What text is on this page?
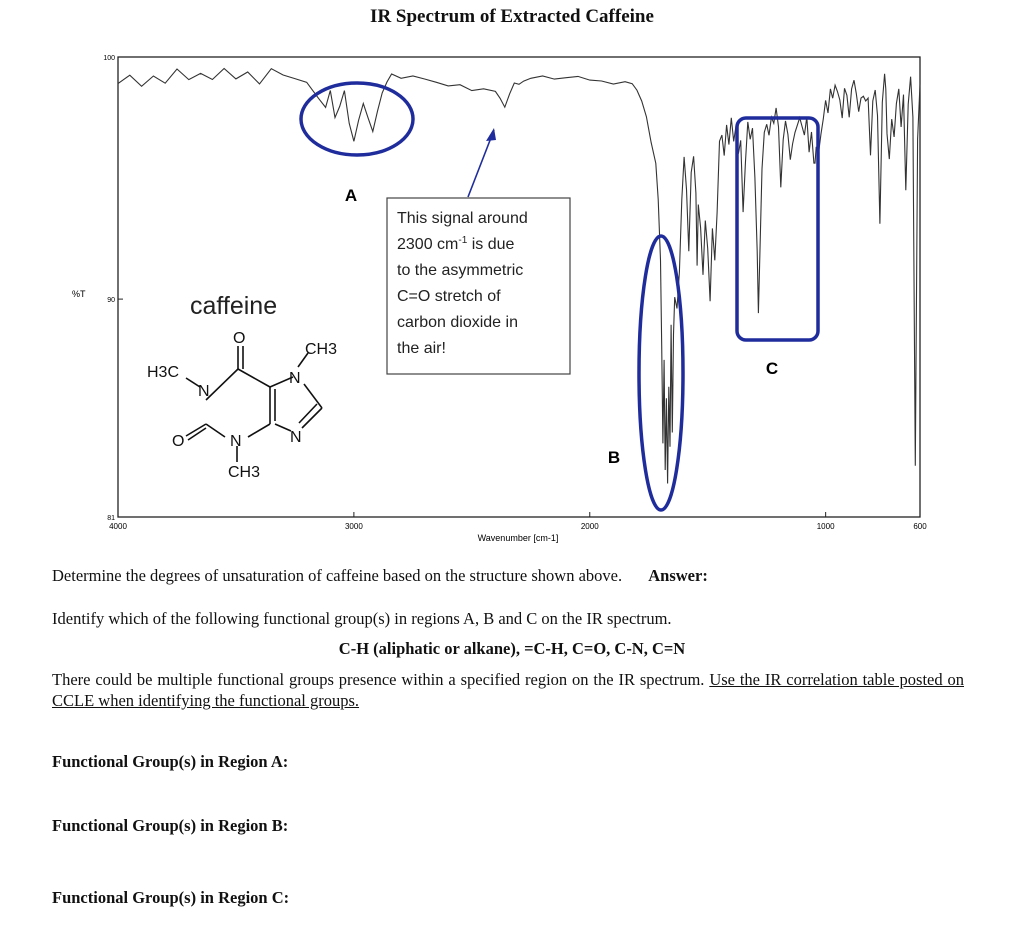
IR Spectrum of Extracted Caffeine
4000	3000	2000	1000	600
100
90
81
%T
Wavenumber [cm-1]
A
B
C
This signal around 2300 $cm^{-1}$ is due to the asymmetric C=O stretch of carbon dioxide in the air!
caffeine
O
CH3
H3C
N
N
N
N
O
CH3
Determine the degrees of unsaturation of caffeine based on the structure shown above. Answer:
Identify which of the following functional group(s) in regions A, B and C on the IR spectrum.
C-H (aliphatic or alkane), =C-H, C=O, C-N, C=N
There could be multiple functional groups presence within a specified region on the IR spectrum. Use the IR correlation table posted on CCLE when identifying the functional groups.
Functional Group(s) in Region A:
Functional Group(s) in Region B:
Functional Group(s) in Region C:
